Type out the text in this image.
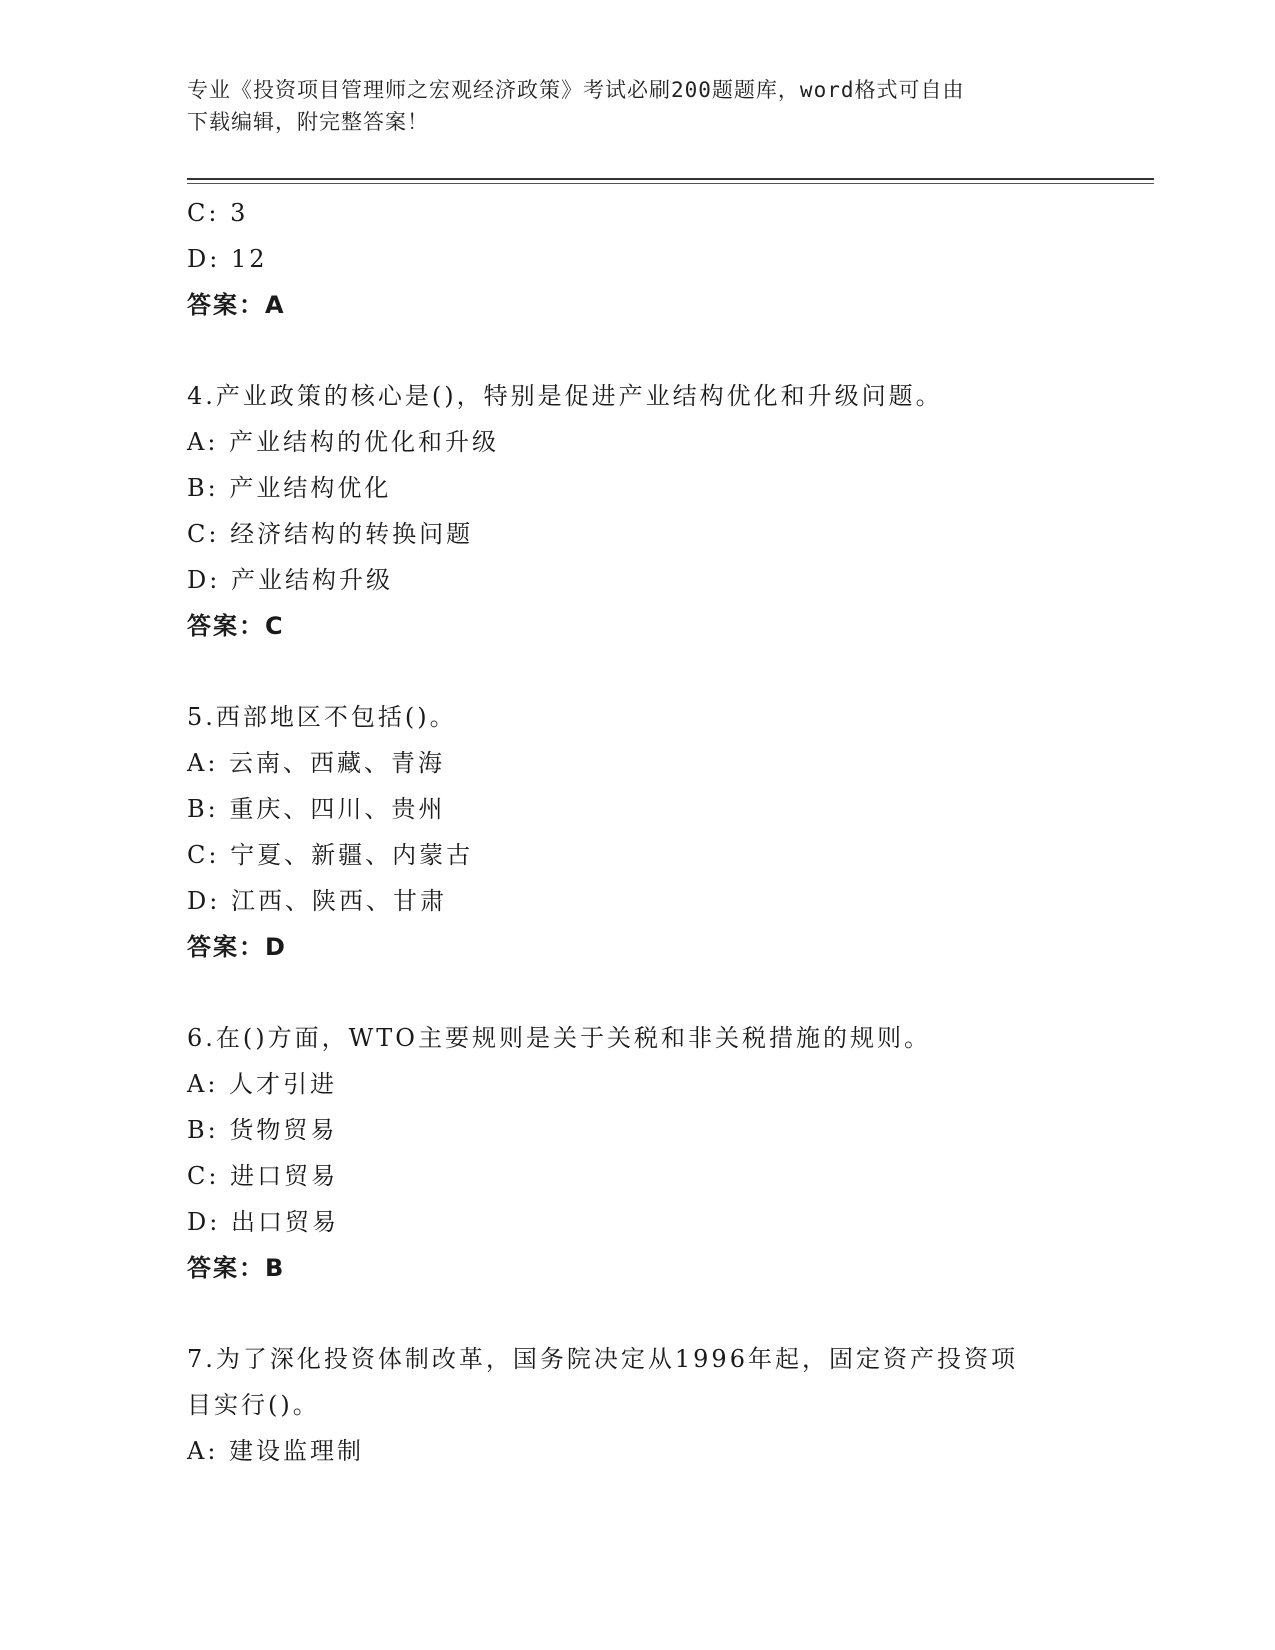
专业《投资项目管理师之宏观经济政策》考试必刷200题题库，word格式可自由
下载编辑，附完整答案！
C: 3
D: 12
答案：A
4.产业政策的核心是()，特别是促进产业结构优化和升级问题。
A: 产业结构的优化和升级
B: 产业结构优化
C: 经济结构的转换问题
D: 产业结构升级
答案：C
5.西部地区不包括()。
A: 云南、西藏、青海
B: 重庆、四川、贵州
C: 宁夏、新疆、内蒙古
D: 江西、陕西、甘肃
答案：D
6.在()方面，WTO主要规则是关于关税和非关税措施的规则。
A: 人才引进
B: 货物贸易
C: 进口贸易
D: 出口贸易
答案：B
7.为了深化投资体制改革，国务院决定从1996年起，固定资产投资项
目实行()。
A: 建设监理制
